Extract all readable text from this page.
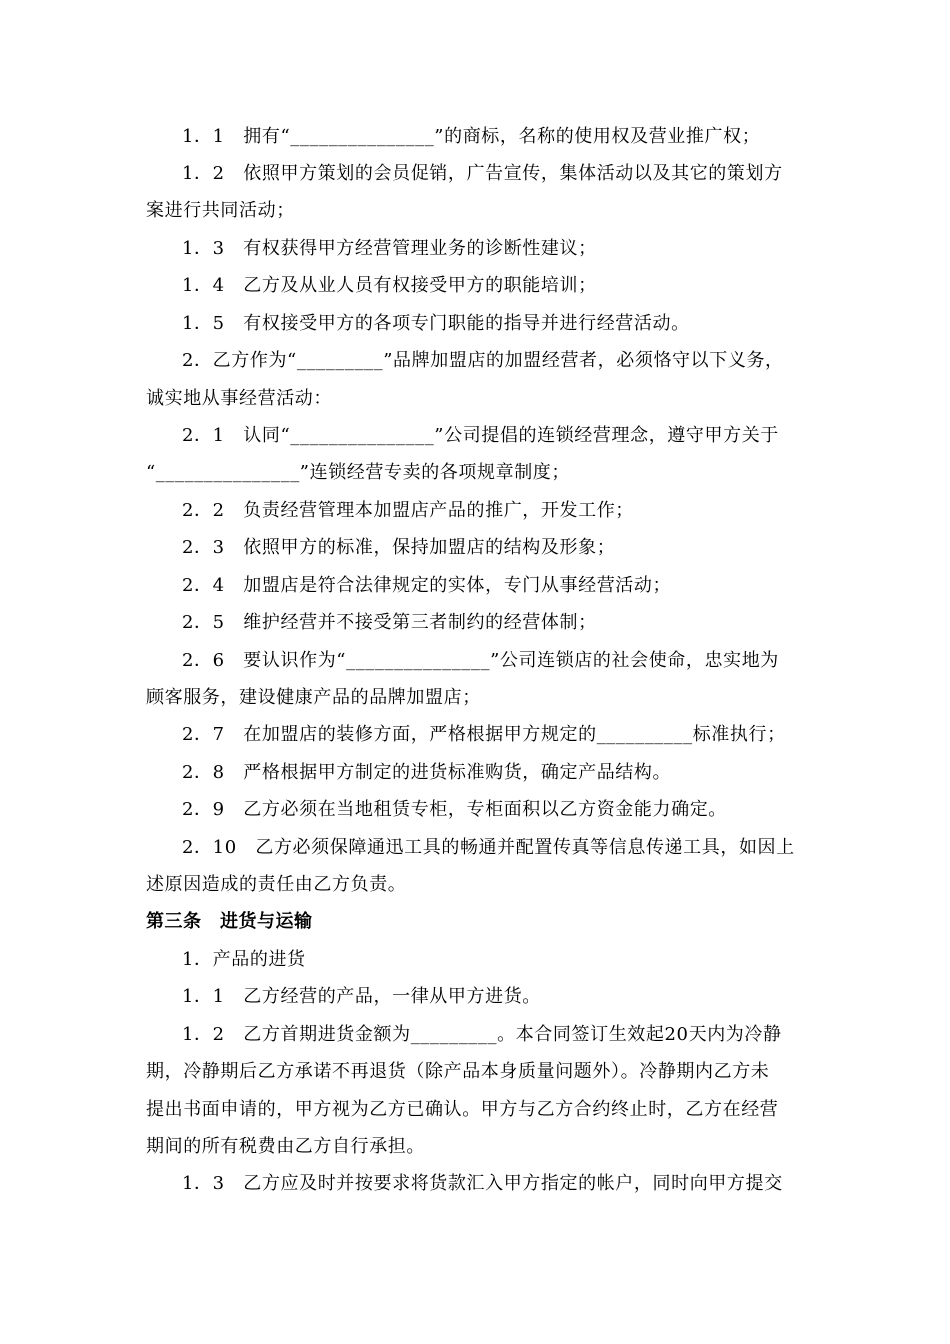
1．1　拥有“_______________”的商标，名称的使用权及营业推广权；
1．2　依照甲方策划的会员促销，广告宣传，集体活动以及其它的策划方
案进行共同活动；
1．3　有权获得甲方经营管理业务的诊断性建议；
1．4　乙方及从业人员有权接受甲方的职能培训；
1．5　有权接受甲方的各项专门职能的指导并进行经营活动。
2．乙方作为“_________”品牌加盟店的加盟经营者，必须恪守以下义务，
诚实地从事经营活动：
2．1　认同“_______________”公司提倡的连锁经营理念，遵守甲方关于
“_______________”连锁经营专卖的各项规章制度；
2．2　负责经营管理本加盟店产品的推广，开发工作；
2．3　依照甲方的标准，保持加盟店的结构及形象；
2．4　加盟店是符合法律规定的实体，专门从事经营活动；
2．5　维护经营并不接受第三者制约的经营体制；
2．6　要认识作为“_______________”公司连锁店的社会使命，忠实地为
顾客服务，建设健康产品的品牌加盟店；
2．7　在加盟店的装修方面，严格根据甲方规定的__________标准执行；
2．8　严格根据甲方制定的进货标准购货，确定产品结构。
2．9　乙方必须在当地租赁专柜，专柜面积以乙方资金能力确定。
2．10　乙方必须保障通迅工具的畅通并配置传真等信息传递工具，如因上
述原因造成的责任由乙方负责。
第三条　进货与运输
1．产品的进货
1．1　乙方经营的产品，一律从甲方进货。
1．2　乙方首期进货金额为_________。本合同签订生效起20天内为冷静
期，冷静期后乙方承诺不再退货（除产品本身质量问题外）。冷静期内乙方未
提出书面申请的，甲方视为乙方已确认。甲方与乙方合约终止时，乙方在经营
期间的所有税费由乙方自行承担。
1．3　乙方应及时并按要求将货款汇入甲方指定的帐户，同时向甲方提交
